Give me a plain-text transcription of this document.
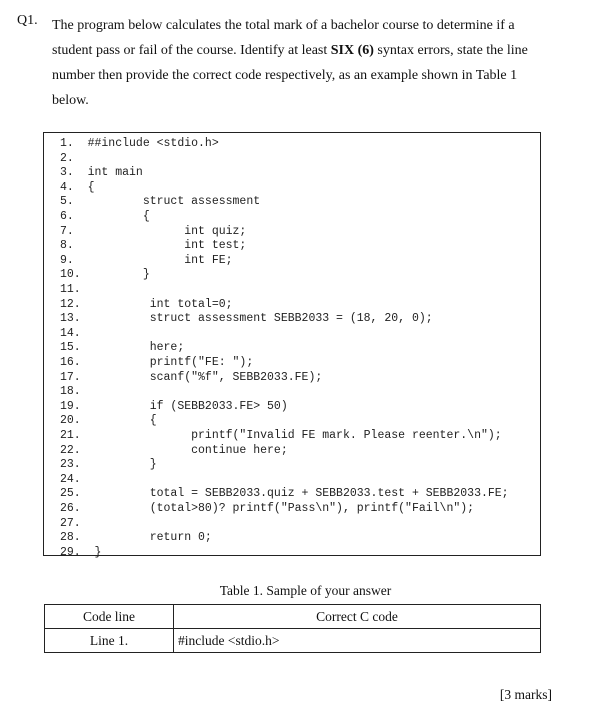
Q1. The program below calculates the total mark of a bachelor course to determine if a
student pass or fail of the course. Identify at least SIX (6) syntax errors, state the line
number then provide the correct code respectively, as an example shown in Table 1
below.
1.  ##include <stdio.h>
2.
3.  int main
4.  {
5.          struct assessment
6.          {
7.                int quiz;
8.                int test;
9.                int FE;
10.         }
11.
12.          int total=0;
13.          struct assessment SEBB2033 = (18, 20, 0);
14.
15.          here;
16.          printf("FE: ");
17.          scanf("%f", SEBB2033.FE);
18.
19.          if (SEBB2033.FE> 50)
20.          {
21.                printf("Invalid FE mark. Please reenter.\n");
22.                continue here;
23.          }
24.
25.          total = SEBB2033.quiz + SEBB2033.test + SEBB2033.FE;
26.          (total>80)? printf("Pass\n"), printf("Fail\n");
27.
28.          return 0;
29.  }
Table 1. Sample of your answer
Code line	Correct C code
Line 1.	#include <stdio.h>
[3 marks]
